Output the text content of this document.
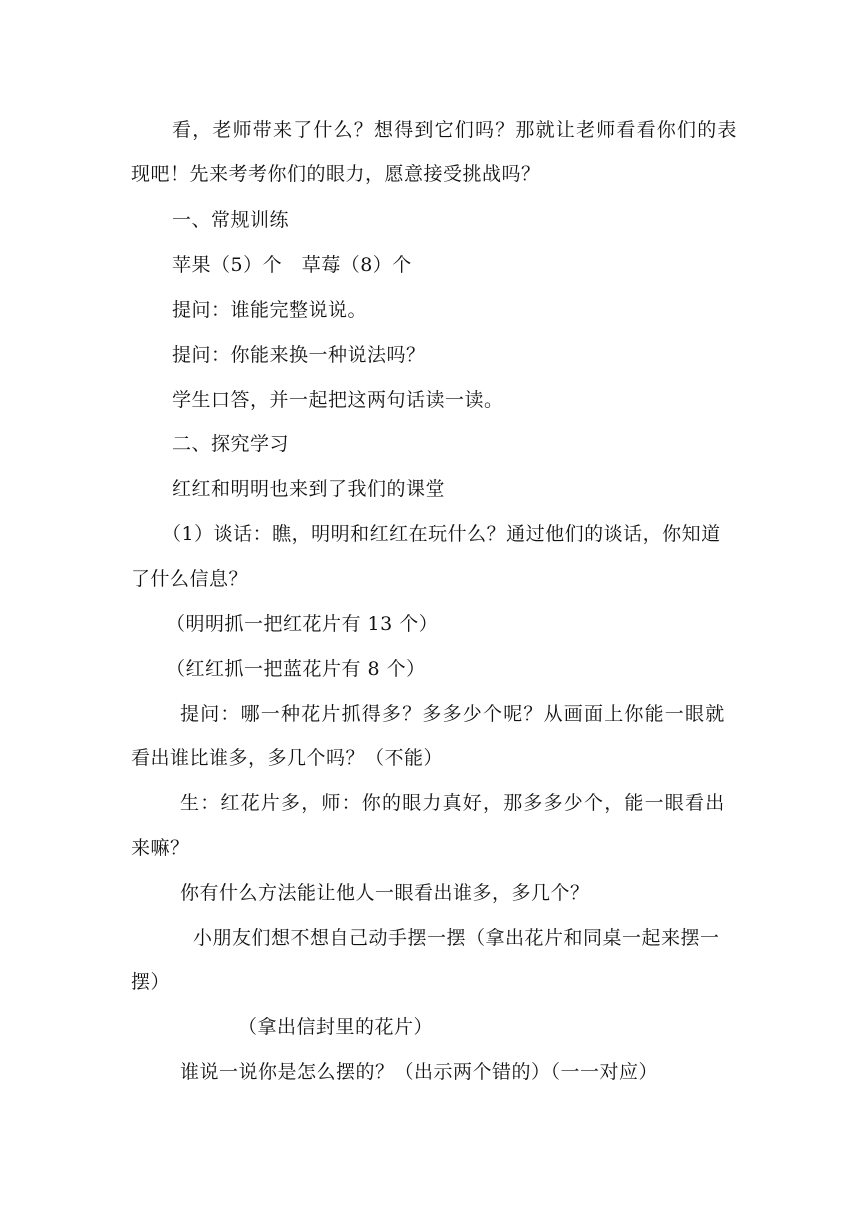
看，老师带来了什么？想得到它们吗？那就让老师看看你们的表
现吧！先来考考你们的眼力，愿意接受挑战吗？
一、常规训练
苹果（5）个   草莓（8）个
提问：谁能完整说说。
提问：你能来换一种说法吗？
学生口答，并一起把这两句话读一读。
二、探究学习
红红和明明也来到了我们的课堂
（1）谈话：瞧，明明和红红在玩什么？通过他们的谈话，你知道
了什么信息？
（明明抓一把红花片有 13 个）
（红红抓一把蓝花片有 8 个）
提问：哪一种花片抓得多？多多少个呢？从画面上你能一眼就
看出谁比谁多，多几个吗？（不能）
生：红花片多，师：你的眼力真好，那多多少个，能一眼看出
来嘛？
你有什么方法能让他人一眼看出谁多，多几个？
小朋友们想不想自己动手摆一摆（拿出花片和同桌一起来摆一
摆）
（拿出信封里的花片）
谁说一说你是怎么摆的？（出示两个错的）（一一对应）
